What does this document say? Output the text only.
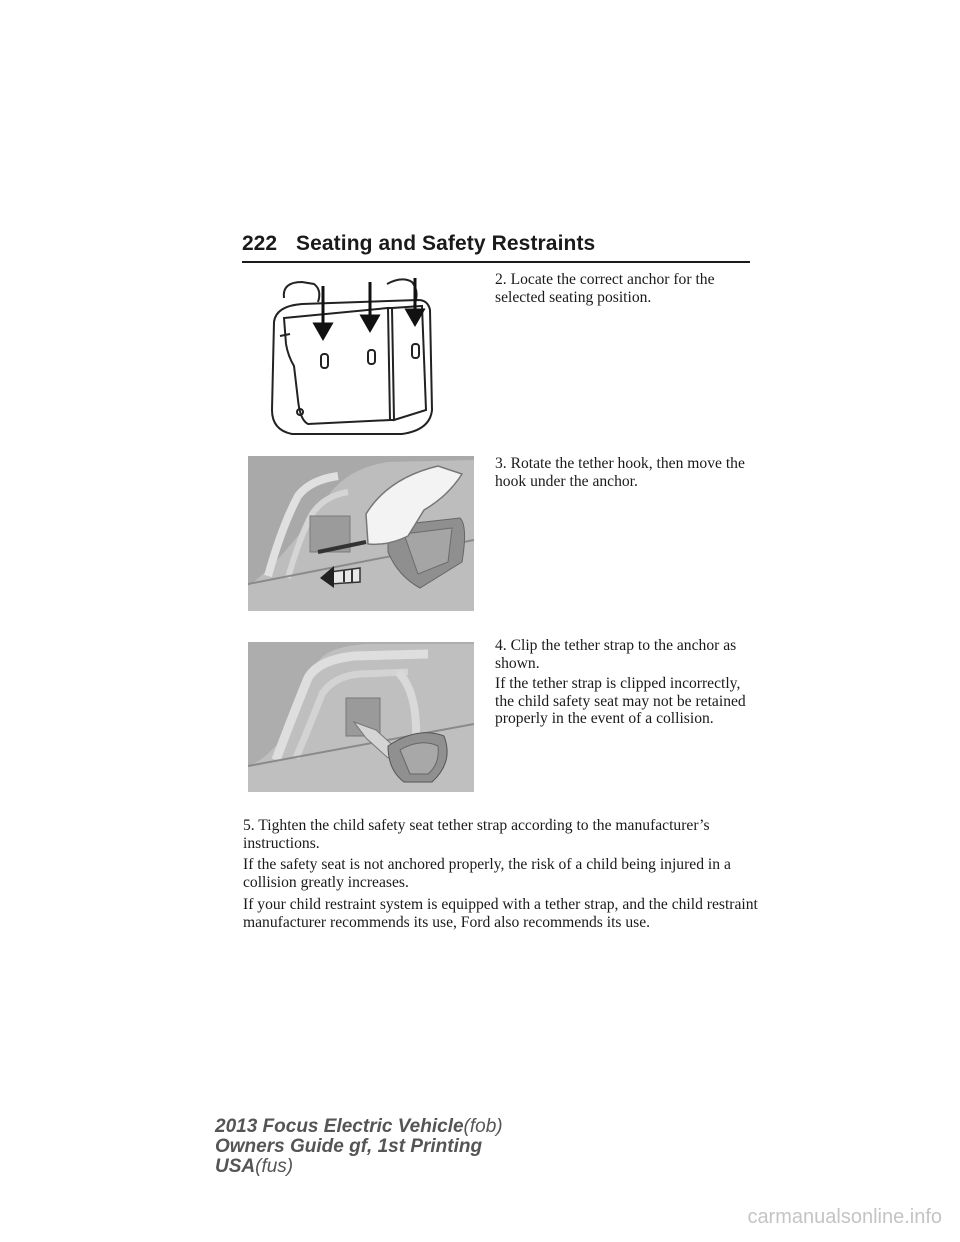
222 Seating and Safety Restraints
2. Locate the correct anchor for the selected seating position.
3. Rotate the tether hook, then move the hook under the anchor.
4. Clip the tether strap to the anchor as shown.
If the tether strap is clipped incorrectly, the child safety seat may not be retained properly in the event of a collision.
5. Tighten the child safety seat tether strap according to the manufacturer’s instructions.
If the safety seat is not anchored properly, the risk of a child being injured in a collision greatly increases.
If your child restraint system is equipped with a tether strap, and the child restraint manufacturer recommends its use, Ford also recommends its use.
2013 Focus Electric Vehicle(fob)
Owners Guide gf, 1st Printing
USA(fus)
carmanualsonline.info
